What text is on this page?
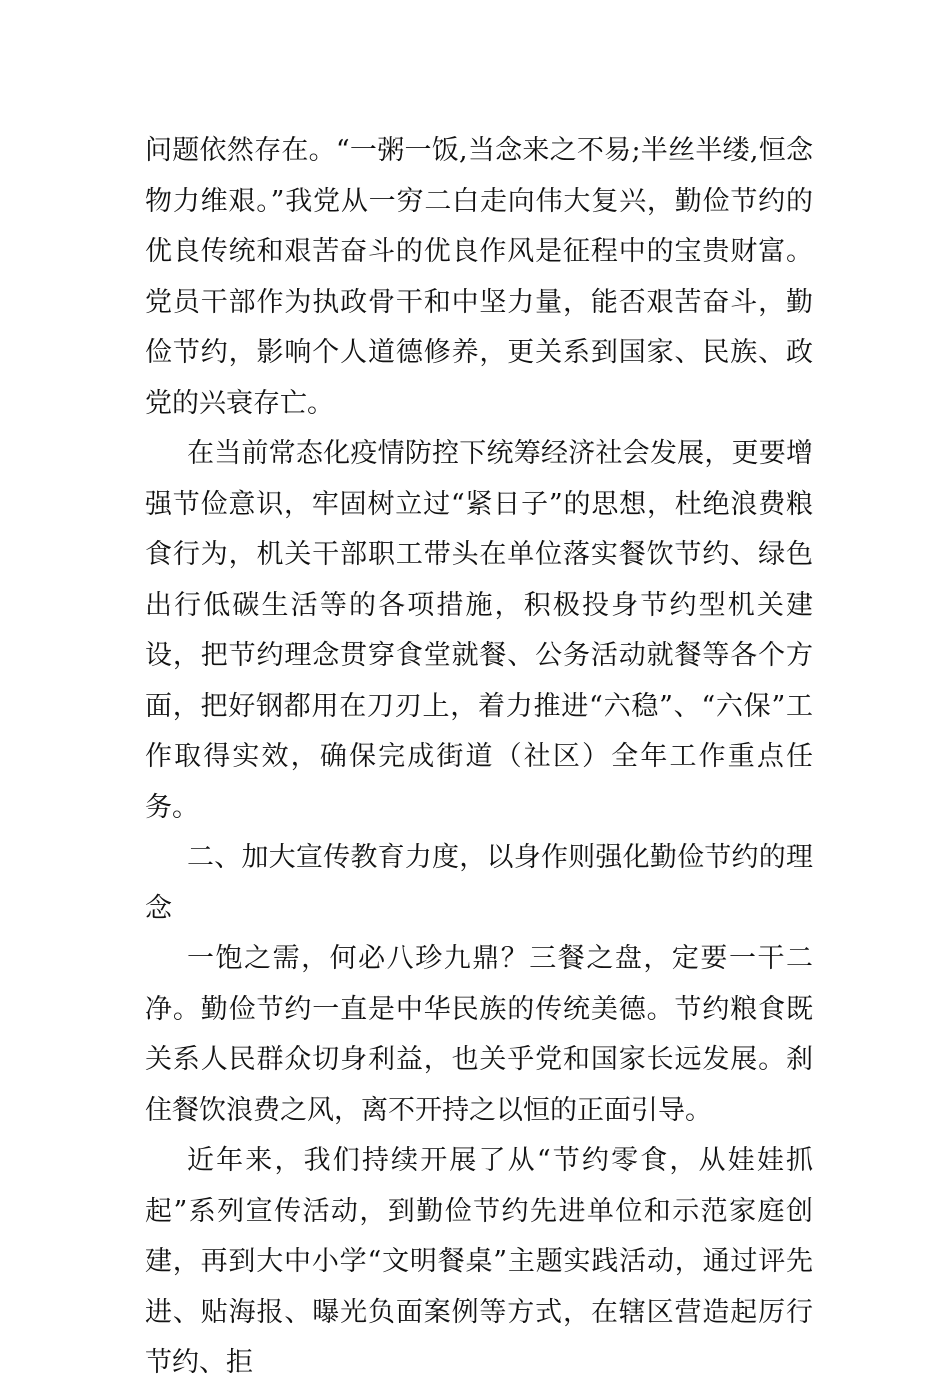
问题依然存在。“一粥一饭,当念来之不易;半丝半缕,恒念物力维艰。”我党从一穷二白走向伟大复兴，勤俭节约的优良传统和艰苦奋斗的优良作风是征程中的宝贵财富。党员干部作为执政骨干和中坚力量，能否艰苦奋斗，勤俭节约，影响个人道德修养，更关系到国家、民族、政党的兴衰存亡。

在当前常态化疫情防控下统筹经济社会发展，更要增强节俭意识，牢固树立过“紧日子”的思想，杜绝浪费粮食行为，机关干部职工带头在单位落实餐饮节约、绿色出行低碳生活等的各项措施，积极投身节约型机关建设，把节约理念贯穿食堂就餐、公务活动就餐等各个方面，把好钢都用在刀刃上，着力推进“六稳”、“六保”工作取得实效，确保完成街道（社区）全年工作重点任务。

二、加大宣传教育力度，以身作则强化勤俭节约的理念

一饱之需，何必八珍九鼎？三餐之盘，定要一干二净。勤俭节约一直是中华民族的传统美德。节约粮食既关系人民群众切身利益，也关乎党和国家长远发展。刹住餐饮浪费之风，离不开持之以恒的正面引导。

近年来，我们持续开展了从“节约零食，从娃娃抓起”系列宣传活动，到勤俭节约先进单位和示范家庭创建，再到大中小学“文明餐桌”主题实践活动，通过评先进、贴海报、曝光负面案例等方式，在辖区营造起厉行节约、拒
